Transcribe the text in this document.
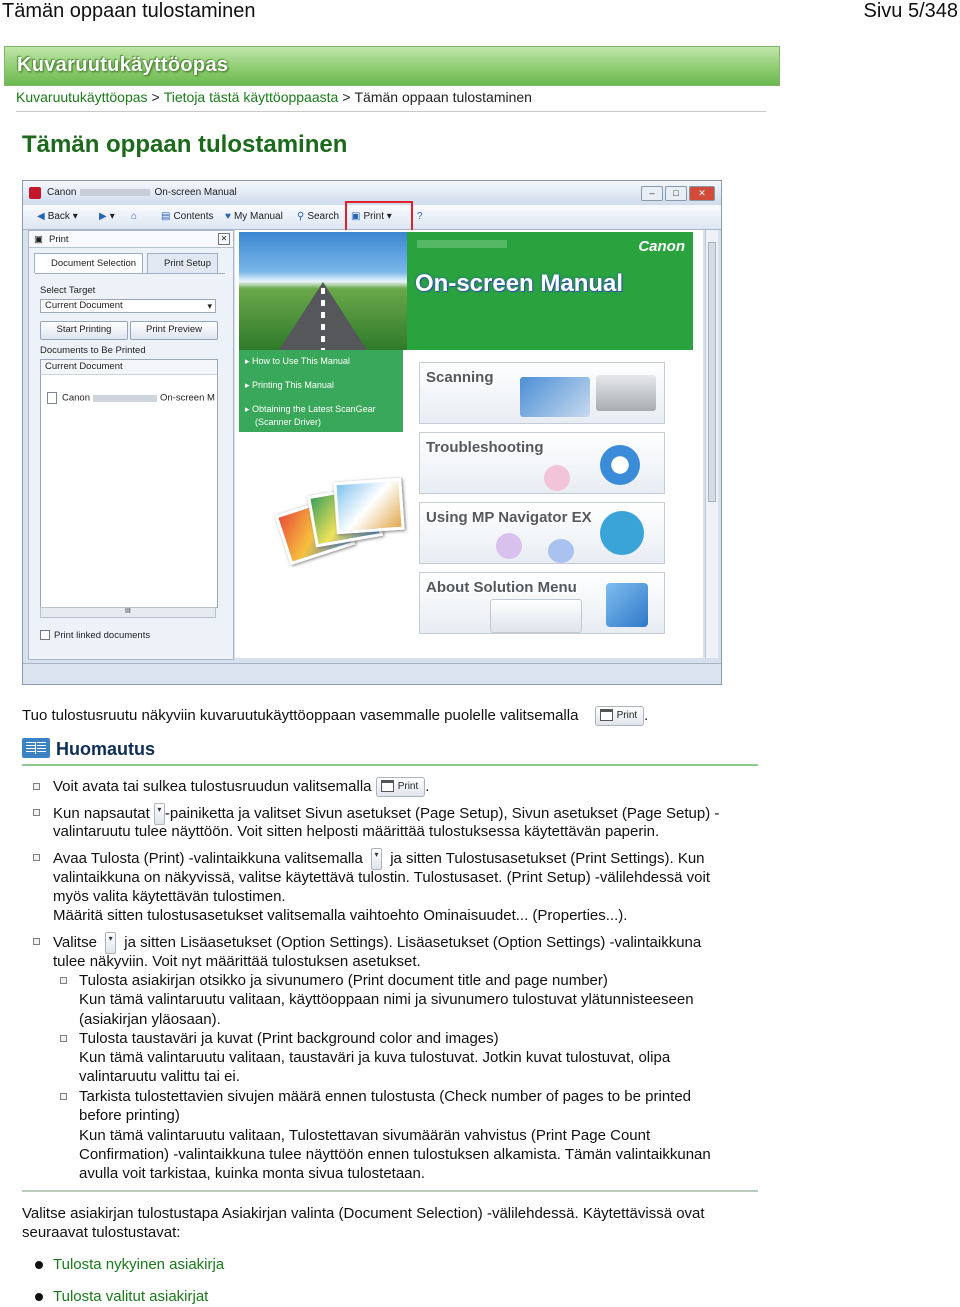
Tämän oppaan tulostaminen	Sivu 5/348
Kuvaruutukäyttöopas
Kuvaruutukäyttöopas > Tietoja tästä käyttöoppaasta > Tämän oppaan tulostaminen
Tämän oppaan tulostaminen
Canon	On-screen Manual	–	□	✕
◀ Back ▾ ▶ ▾ ⌂	▤ Contents ♥ My Manual ⚲ Search ▣ Print ▾	?
▣ Print	✕
Document Selection	Print Setup
Select Target
Current Document ▾
Start Printing	Print Preview
Documents to Be Printed
Current Document
Canon	On-screen M
III
Print linked documents
Canon
On-screen Manual
▸ How to Use This Manual
▸ Printing This Manual
▸ Obtaining the Latest ScanGear
(Scanner Driver)
Scanning
Troubleshooting
Using MP Navigator EX
About Solution Menu
Tuo tulostusruutu näkyviin kuvaruutukäyttöoppaan vasemmalle puolelle valitsemalla	Print .
Huomautus
Voit avata tai sulkea tulostusruudun valitsemalla	Print .
Kun napsautat ▾ -painiketta ja valitset Sivun asetukset (Page Setup), Sivun asetukset (Page Setup) -
valintaruutu tulee näyttöön. Voit sitten helposti määrittää tulostuksessa käytettävän paperin.
Avaa Tulosta (Print) -valintaikkuna valitsemalla ▾ ja sitten Tulostusasetukset (Print Settings). Kun
valintaikkuna on näkyvissä, valitse käytettävä tulostin. Tulostusaset. (Print Setup) -välilehdessä voit
myös valita käytettävän tulostimen.
Määritä sitten tulostusasetukset valitsemalla vaihtoehto Ominaisuudet... (Properties...).
Valitse ▾ ja sitten Lisäasetukset (Option Settings). Lisäasetukset (Option Settings) -valintaikkuna
tulee näkyviin. Voit nyt määrittää tulostuksen asetukset.
Tulosta asiakirjan otsikko ja sivunumero (Print document title and page number)
Kun tämä valintaruutu valitaan, käyttöoppaan nimi ja sivunumero tulostuvat ylätunnisteeseen
(asiakirjan yläosaan).
Tulosta taustaväri ja kuvat (Print background color and images)
Kun tämä valintaruutu valitaan, taustaväri ja kuva tulostuvat. Jotkin kuvat tulostuvat, olipa
valintaruutu valittu tai ei.
Tarkista tulostettavien sivujen määrä ennen tulostusta (Check number of pages to be printed
before printing)
Kun tämä valintaruutu valitaan, Tulostettavan sivumäärän vahvistus (Print Page Count
Confirmation) -valintaikkuna tulee näyttöön ennen tulostuksen alkamista. Tämän valintaikkunan
avulla voit tarkistaa, kuinka monta sivua tulostetaan.
Valitse asiakirjan tulostustapa Asiakirjan valinta (Document Selection) -välilehdessä. Käytettävissä ovat
seuraavat tulostustavat:
Tulosta nykyinen asiakirja
Tulosta valitut asiakirjat
